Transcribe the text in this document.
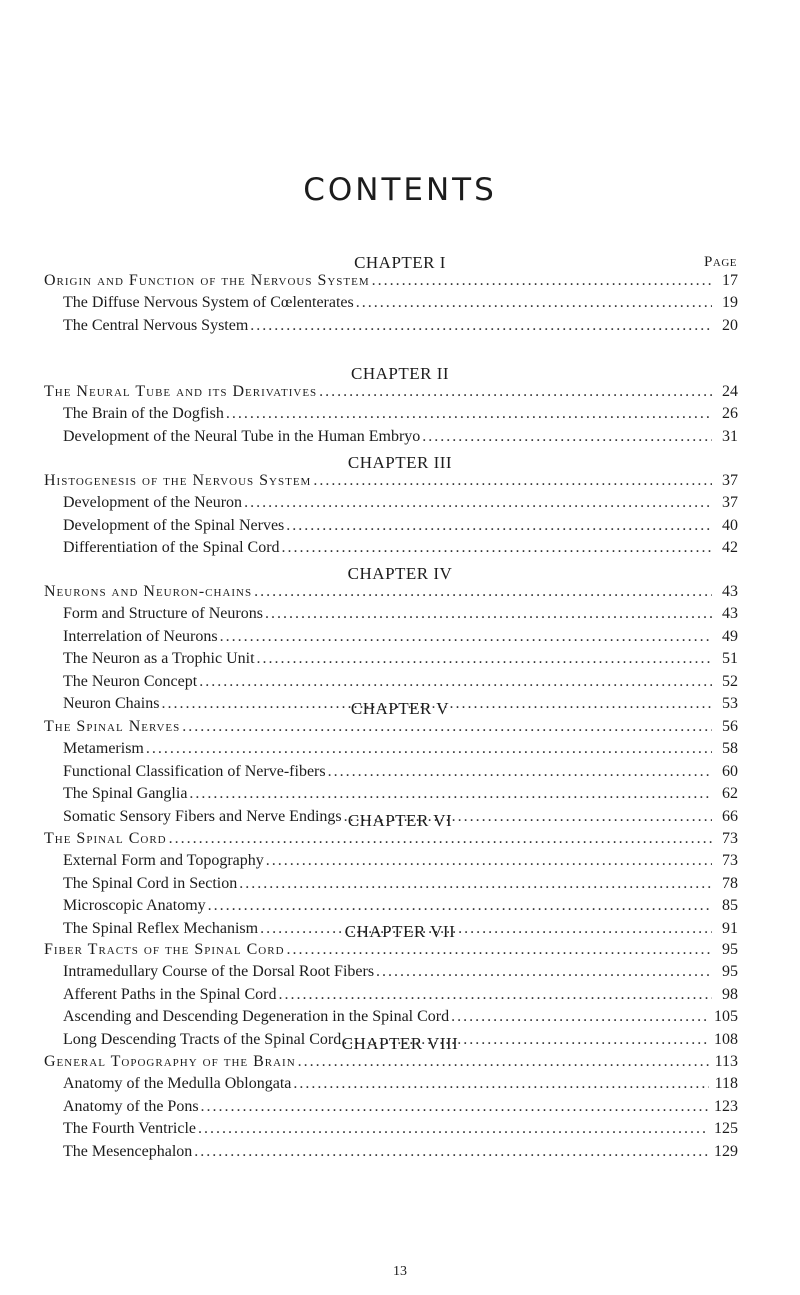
CONTENTS
Page
CHAPTER I
Origin and Function of the Nervous System .....	17
The Diffuse Nervous System of Cœlenterates .....	19
The Central Nervous System .....	20
CHAPTER II
The Neural Tube and its Derivatives .....	24
The Brain of the Dogfish .....	26
Development of the Neural Tube in the Human Embryo .....	31
CHAPTER III
Histogenesis of the Nervous System .....	37
Development of the Neuron .....	37
Development of the Spinal Nerves .....	40
Differentiation of the Spinal Cord .....	42
CHAPTER IV
Neurons and Neuron-chains .....	43
Form and Structure of Neurons .....	43
Interrelation of Neurons .....	49
The Neuron as a Trophic Unit .....	51
The Neuron Concept .....	52
Neuron Chains .....	53
CHAPTER V
The Spinal Nerves .....	56
Metamerism .....	58
Functional Classification of Nerve-fibers .....	60
The Spinal Ganglia .....	62
Somatic Sensory Fibers and Nerve Endings .....	66
CHAPTER VI
The Spinal Cord .....	73
External Form and Topography .....	73
The Spinal Cord in Section .....	78
Microscopic Anatomy .....	85
The Spinal Reflex Mechanism .....	91
CHAPTER VII
Fiber Tracts of the Spinal Cord .....	95
Intramedullary Course of the Dorsal Root Fibers .....	95
Afferent Paths in the Spinal Cord .....	98
Ascending and Descending Degeneration in the Spinal Cord .....	105
Long Descending Tracts of the Spinal Cord .....	108
CHAPTER VIII
General Topography of the Brain .....	113
Anatomy of the Medulla Oblongata .....	118
Anatomy of the Pons .....	123
The Fourth Ventricle .....	125
The Mesencephalon .....	129
13
